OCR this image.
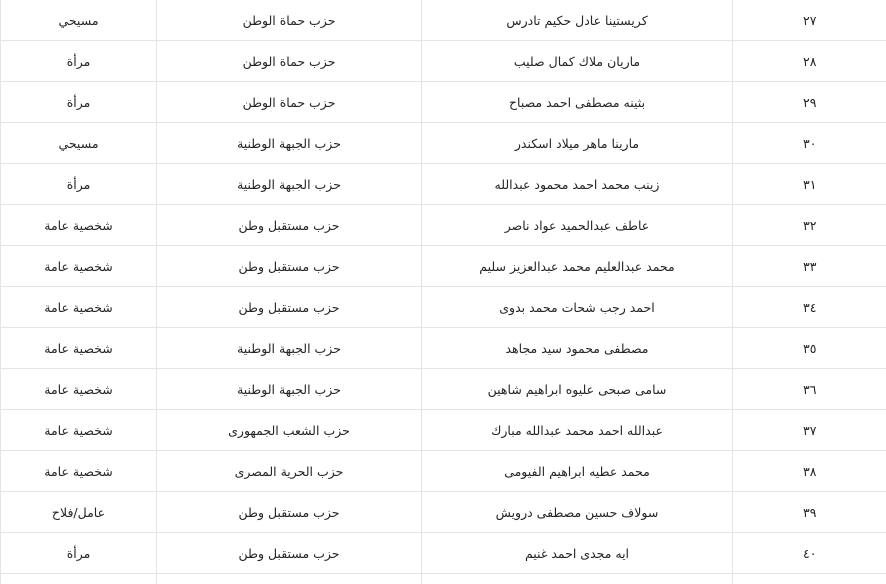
٢٧	كريستينا عادل حكيم تادرس	حزب حماة الوطن	مسيحي
٢٨	ماريان ملاك كمال صليب	حزب حماة الوطن	مرأة
٢٩	بثينه مصطفى احمد مصباح	حزب حماة الوطن	مرأة
٣٠	مارينا ماهر ميلاد اسكندر	حزب الجبهة الوطنية	مسيحي
٣١	زينب محمد احمد محمود عبدالله	حزب الجبهة الوطنية	مرأة
٣٢	عاطف عبدالحميد عواد ناصر	حزب مستقبل وطن	شخصية عامة
٣٣	محمد عبدالعليم محمد عبدالعزيز سليم	حزب مستقبل وطن	شخصية عامة
٣٤	احمد رجب شحات محمد بدوى	حزب مستقبل وطن	شخصية عامة
٣٥	مصطفى محمود سيد مجاهد	حزب الجبهة الوطنية	شخصية عامة
٣٦	سامى صبحى عليوه ابراهيم شاهين	حزب الجبهة الوطنية	شخصية عامة
٣٧	عبدالله احمد محمد عبدالله مبارك	حزب الشعب الجمهورى	شخصية عامة
٣٨	محمد عطيه ابراهيم الفيومى	حزب الحرية المصرى	شخصية عامة
٣٩	سولاف حسين مصطفى درويش	حزب مستقبل وطن	عامل/فلاح
٤٠	ايه مجدى احمد غنيم	حزب مستقبل وطن	مرأة
